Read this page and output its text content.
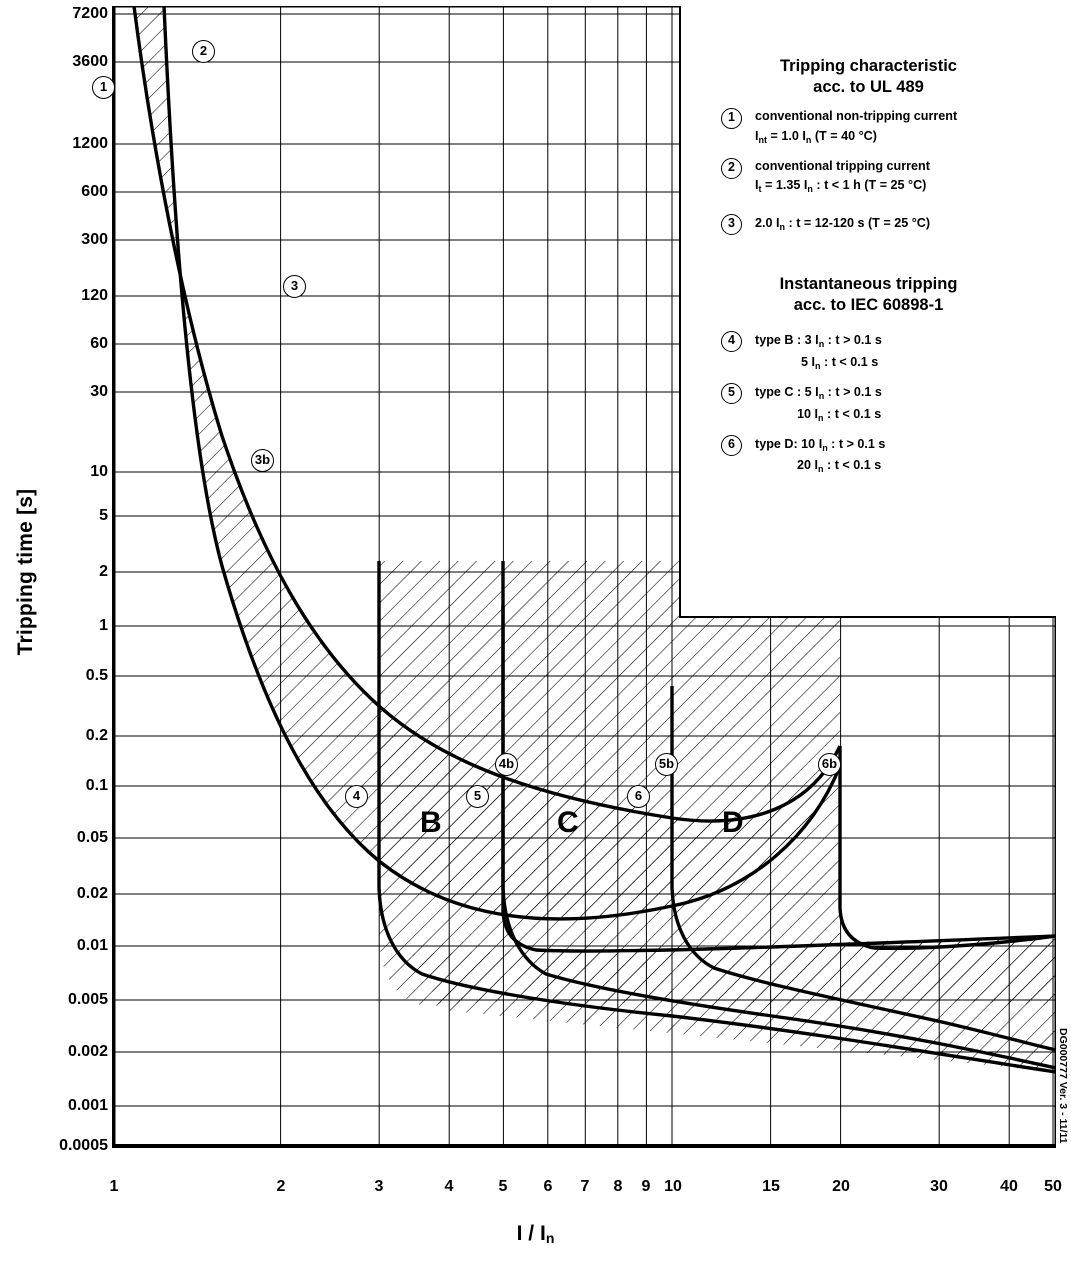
Tripping time [s]
7200
3600
1200
600
300
120
60
30
10
5
2
1
0.5
0.2
0.1
0.05
0.02
0.01
0.005
0.002
0.001
0.0005
B	C	D
1
2
3
3b
4
4b
5
5b
6
6b
Tripping characteristic
acc. to UL 489
1	conventional non-tripping current
$I_{nt} = 1.0$ $I_n$ (T = 40 °C)
2	conventional tripping current
$I_t = 1.35$ $I_n$ : t < 1 h (T = 25 °C)
3	2.0 $I_n$ : t = 12-120 s (T = 25 °C)
Instantaneous tripping
acc. to IEC 60898-1
4	type B : 3 $I_n$ : t > 0.1 s
5 $I_n$ : t < 0.1 s
5	type C : 5 $I_n$ : t > 0.1 s
10 $I_n$ : t < 0.1 s
6	type D: 10 $I_n$ : t > 0.1 s
20 $I_n$ : t < 0.1 s
1	2	3	4	5 6 7 8 9 10	15	20	30	40 50
I / $I_n$
DG000777 Ver. 3 - 11/11
